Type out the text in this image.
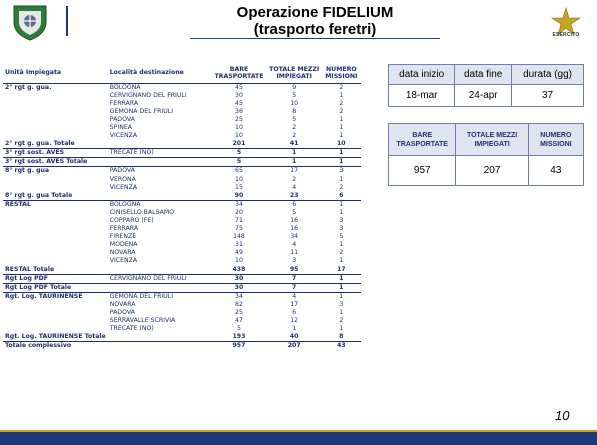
Operazione FIDELIUM
(trasporto feretri)	ESERCITO
Unità Impiegata	Località destinazione	BARE TRASPORTATE	TOTALE MEZZI IMPIEGATI	NUMERO MISSIONI
2° rgt g. gua.	BOLOGNA	45	9	2
	CERVIGNANO DEL FRIULI	30	5	1
	FERRARA	45	10	2
	GEMONA DEL FRIULI	36	8	2
	PADOVA	25	5	1
	SPINEA	10	2	1
	VICENZA	10	2	1
2° rgt g. gua. Totale		201	41	10
3° rgt sost. AVES	TRECATE (NO)	5	1	1
3° rgt sost. AVES Totale		5	1	1
8° rgt g. gua	PADOVA	65	17	3
	VERONA	10	2	1
	VICENZA	15	4	2
8° rgt g. gua Totale		90	23	6
RESTAL	BOLOGNA	34	6	1
	CINISELLO BALSAMO	20	5	1
	COPPARO (FE)	71	16	3
	FERRARA	75	16	3
	FIRENZE	148	34	5
	MODENA	31	4	1
	NOVARA	49	11	2
	VICENZA	10	3	1
RESTAL Totale		438	95	17
Rgt Log PDF	CERVIGNANO DEL FRIULI	30	7	1
Rgt Log PDF Totale		30	7	1
Rgt. Log. TAURINENSE	GEMONA DEL FRIULI	34	4	1
	NOVARA	82	17	3
	PADOVA	25	6	1
	SERRAVALLE SCRIVIA	47	12	2
	TRECATE (NO)	5	1	1
Rgt. Log. TAURINENSE Totale		193	40	8
Totale complessivo		957	207	43
data inizio	data fine	durata (gg)
18-mar	24-apr	37
BARE TRASPORTATE	TOTALE MEZZI IMPIEGATI	NUMERO MISSIONI
957	207	43
10
